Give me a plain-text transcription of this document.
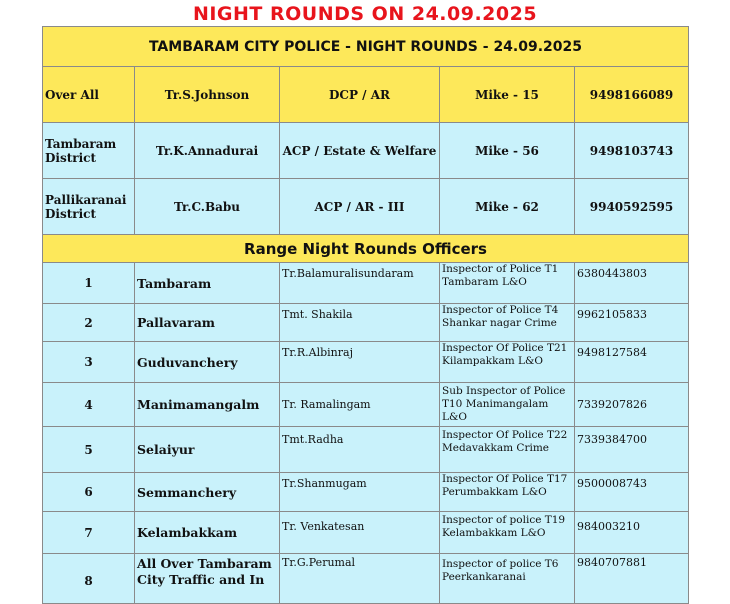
NIGHT ROUNDS ON 24.09.2025
TAMBARAM CITY POLICE - NIGHT ROUNDS - 24.09.2025				
Over All	Tr.S.Johnson	DCP / AR	Mike - 15	9498166089
Tambaram District	Tr.K.Annadurai	ACP / Estate & Welfare	Mike - 56	9498103743
Pallikaranai District	Tr.C.Babu	ACP / AR - III	Mike - 62	9940592595
Range Night Rounds Officers				
1	Tambaram	Tr.Balamuralisundaram	Inspector of Police T1 Tambaram L&O	6380443803
2	Pallavaram	Tmt. Shakila	Inspector of Police T4 Shankar nagar Crime	9962105833
3	Guduvanchery	Tr.R.Albinraj	Inspector Of Police T21 Kilampakkam L&O	9498127584
4	Manimamangalm	Tr. Ramalingam	Sub Inspector of Police T10 Manimangalam L&O	7339207826
5	Selaiyur	Tmt.Radha	Inspector Of Police T22 Medavakkam Crime	7339384700
6	Semmanchery	Tr.Shanmugam	Inspector Of Police T17 Perumbakkam L&O	9500008743
7	Kelambakkam	Tr. Venkatesan	Inspector of police T19 Kelambakkam L&O	984003210
8	All Over Tambaram City Traffic and In	Tr.G.Perumal	Inspector of police T6 Peerkankaranai	9840707881
